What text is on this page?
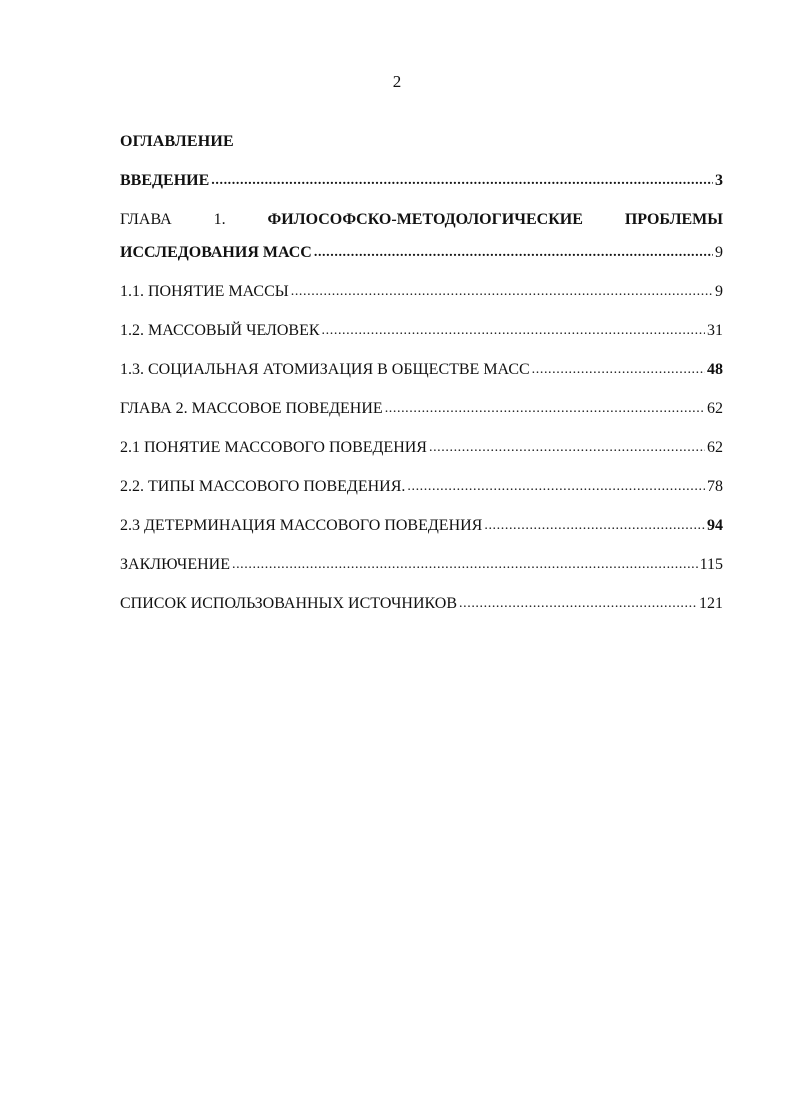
2
ОГЛАВЛЕНИЕ
ВВЕДЕНИЕ .....	3
ГЛАВА	1.	ФИЛОСОФСКО-МЕТОДОЛОГИЧЕСКИЕ	ПРОБЛЕМЫ
ИССЛЕДОВАНИЯ МАСС .....	9
1.1. ПОНЯТИЕ МАССЫ .....	9
1.2. МАССОВЫЙ ЧЕЛОВЕК .....	31
1.3. СОЦИАЛЬНАЯ АТОМИЗАЦИЯ В ОБЩЕСТВЕ МАСС .....	48
ГЛАВА 2. МАССОВОЕ ПОВЕДЕНИЕ .....	62
2.1 ПОНЯТИЕ МАССОВОГО ПОВЕДЕНИЯ .....	62
2.2. ТИПЫ МАССОВОГО ПОВЕДЕНИЯ. .....	78
2.3 ДЕТЕРМИНАЦИЯ МАССОВОГО ПОВЕДЕНИЯ .....	94
ЗАКЛЮЧЕНИЕ .....	115
СПИСОК ИСПОЛЬЗОВАННЫХ ИСТОЧНИКОВ .....	121
